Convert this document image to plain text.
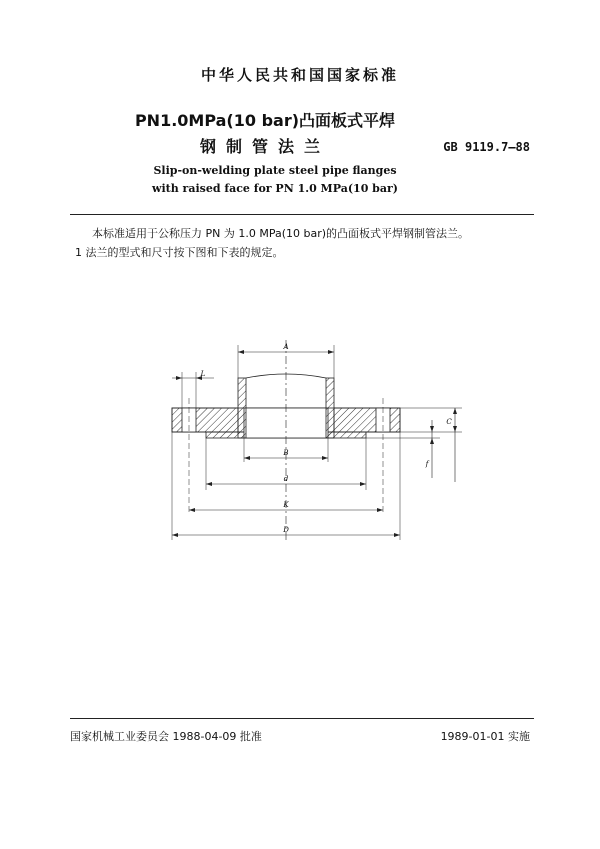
中华人民共和国国家标准
PN1.0MPa(10 bar)凸面板式平焊
钢制管法兰	GB 9119.7—88
Slip-on-welding plate steel pipe flanges
with raised face for PN 1.0 MPa(10 bar)
本标准适用于公称压力 PN 为 1.0 MPa(10 bar)的凸面板式平焊钢制管法兰。
1 法兰的型式和尺寸按下图和下表的规定。
A
L
B
d
K
D
C
f
国家机械工业委员会 1988-04-09 批准	1989-01-01 实施
